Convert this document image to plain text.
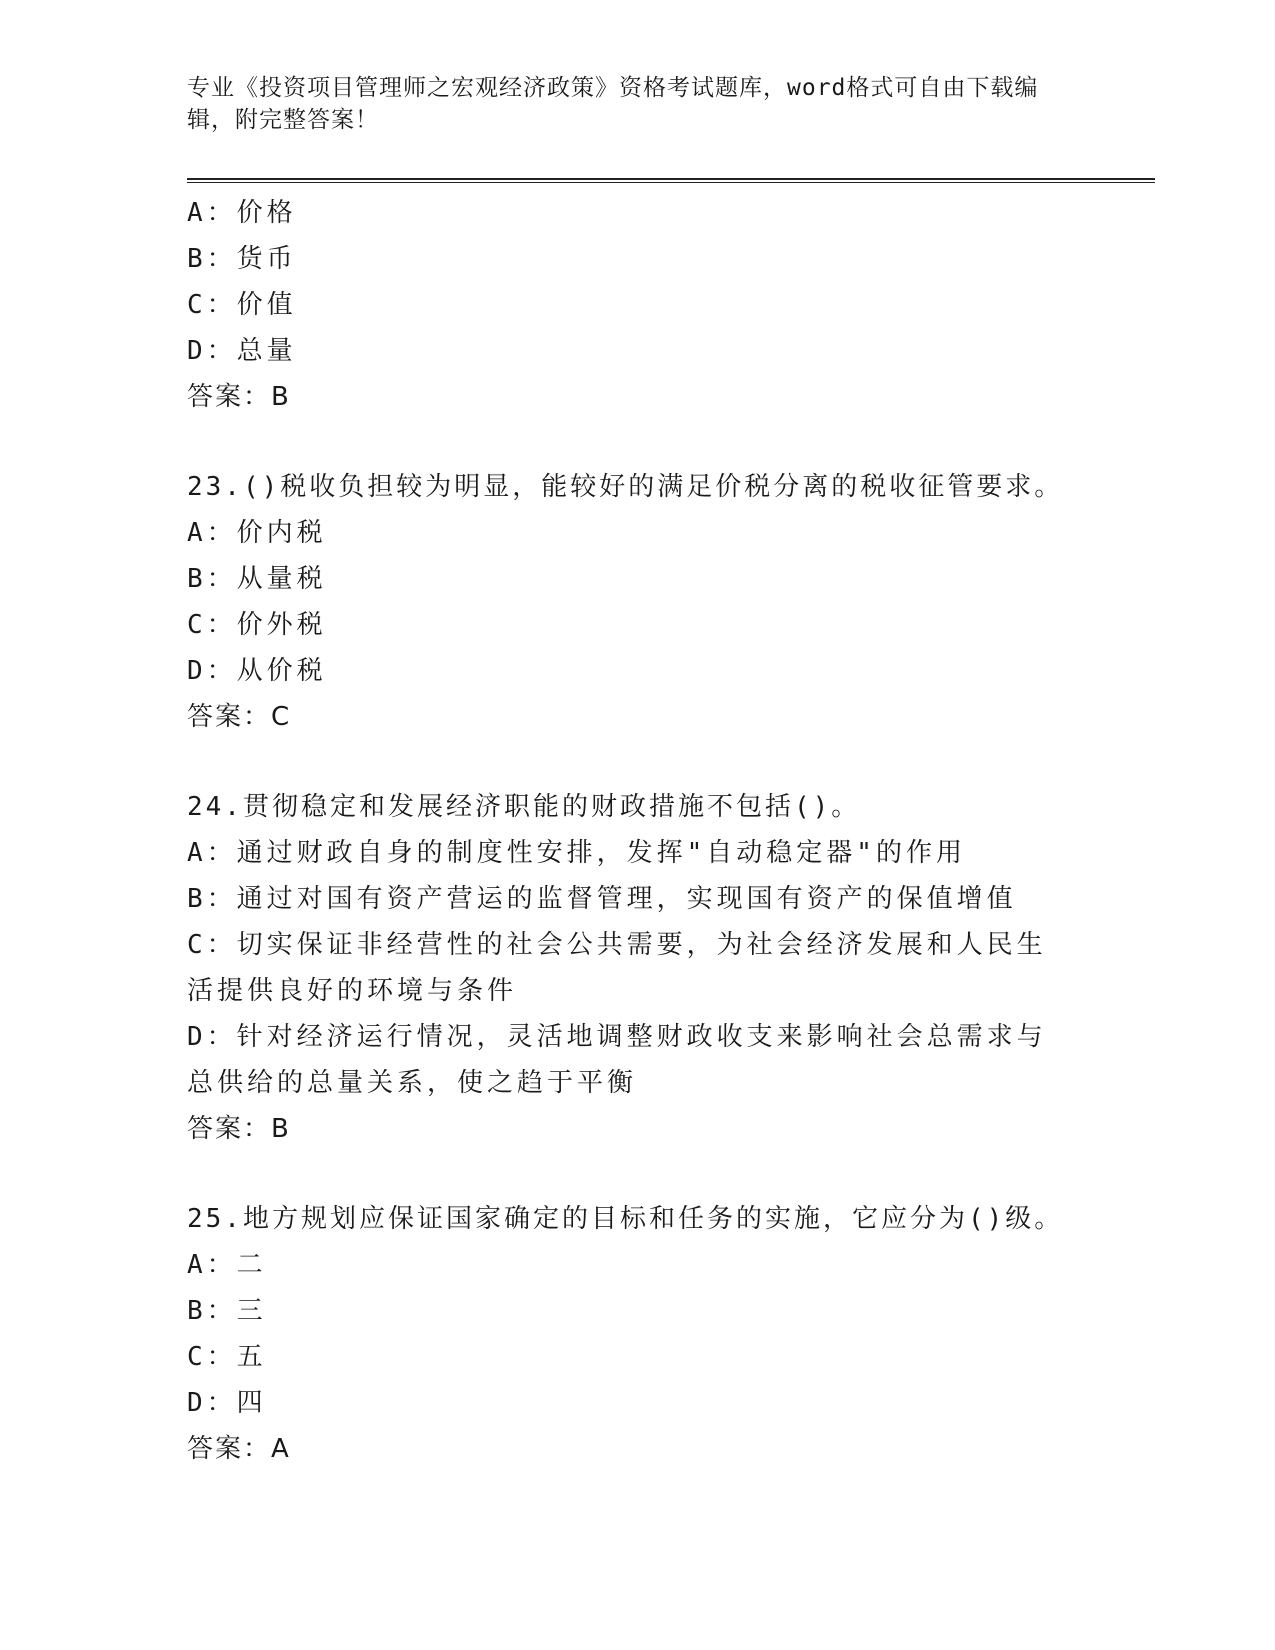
专业《投资项目管理师之宏观经济政策》资格考试题库，word格式可自由下载编辑，附完整答案！
A：价格
B：货币
C：价值
D：总量
答案：B
23.()税收负担较为明显，能较好的满足价税分离的税收征管要求。
A：价内税
B：从量税
C：价外税
D：从价税
答案：C
24.贯彻稳定和发展经济职能的财政措施不包括()。
A：通过财政自身的制度性安排，发挥"自动稳定器"的作用
B：通过对国有资产营运的监督管理，实现国有资产的保值增值
C：切实保证非经营性的社会公共需要，为社会经济发展和人民生活提供良好的环境与条件
D：针对经济运行情况，灵活地调整财政收支来影响社会总需求与总供给的总量关系，使之趋于平衡
答案：B
25.地方规划应保证国家确定的目标和任务的实施，它应分为()级。
A：二
B：三
C：五
D：四
答案：A
